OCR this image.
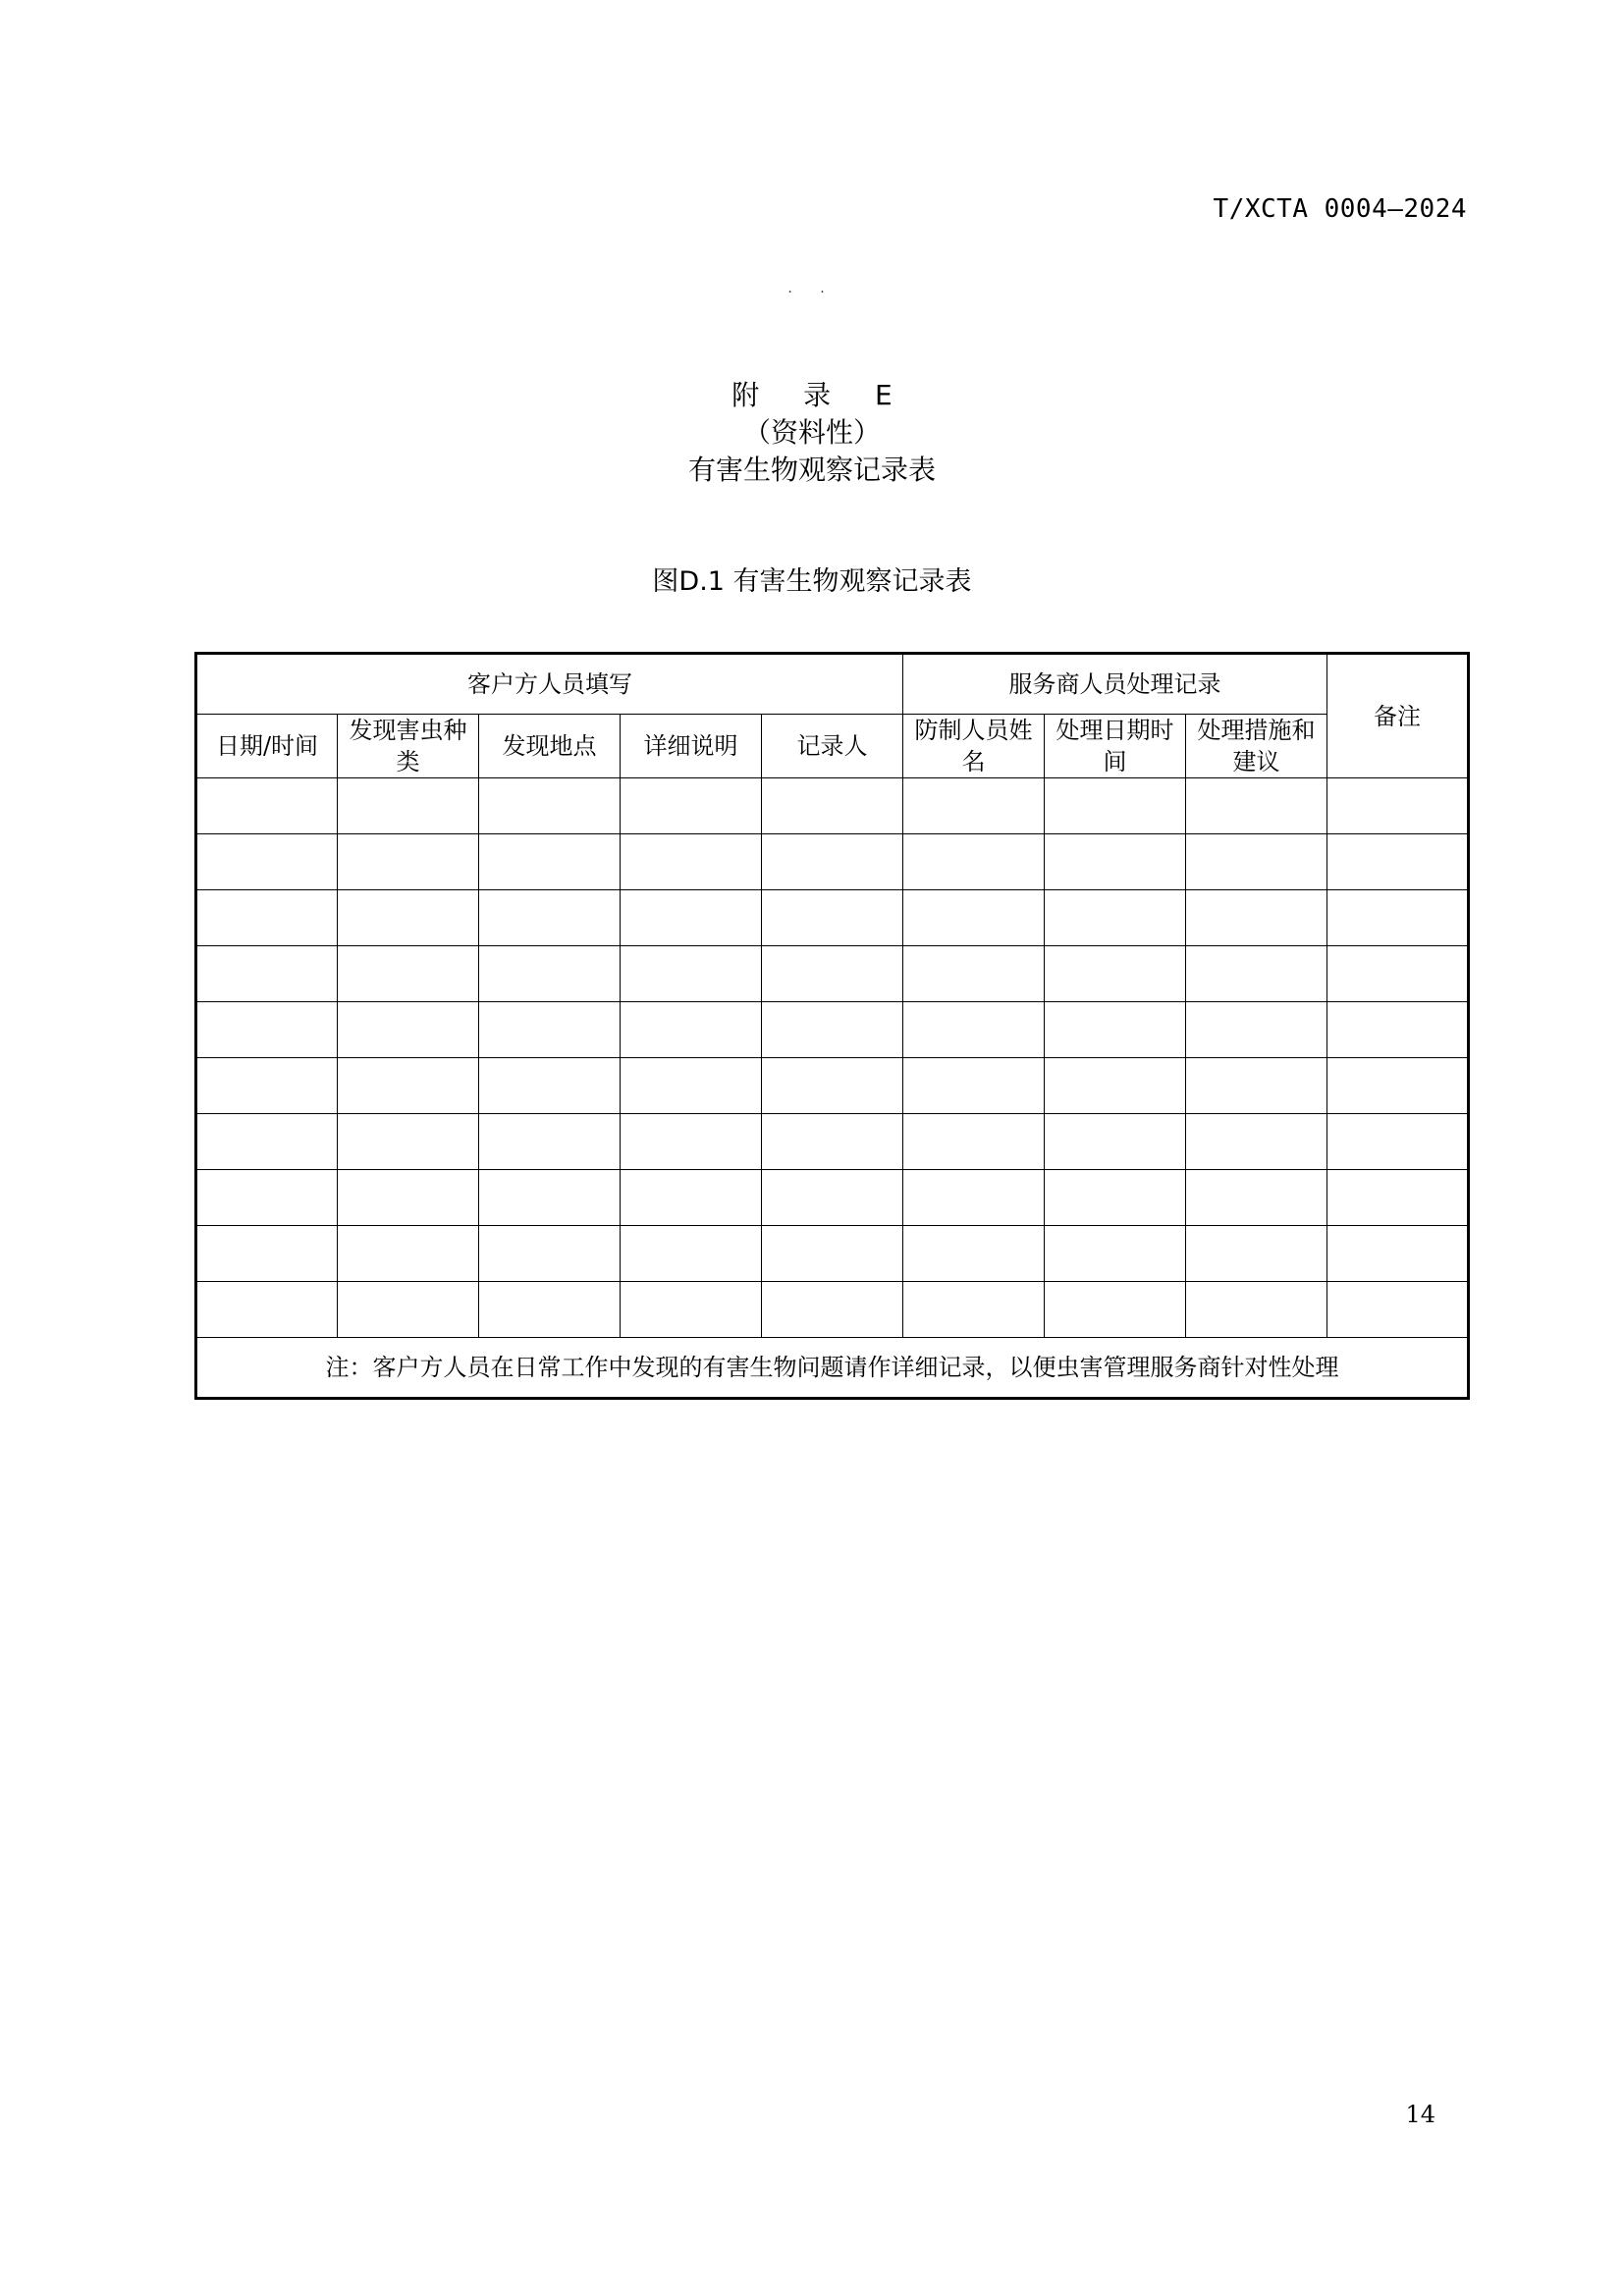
T/XCTA 0004—2024
· ·
附 录 E
（资料性）
有害生物观察记录表
图D.1 有害生物观察记录表
客户方人员填写					服务商人员处理记录			备注
日期/时间	发现害虫种类	发现地点	详细说明	记录人	防制人员姓名	处理日期时间	处理措施和建议	

注：客户方人员在日常工作中发现的有害生物问题请作详细记录，以便虫害管理服务商针对性处理								
14
